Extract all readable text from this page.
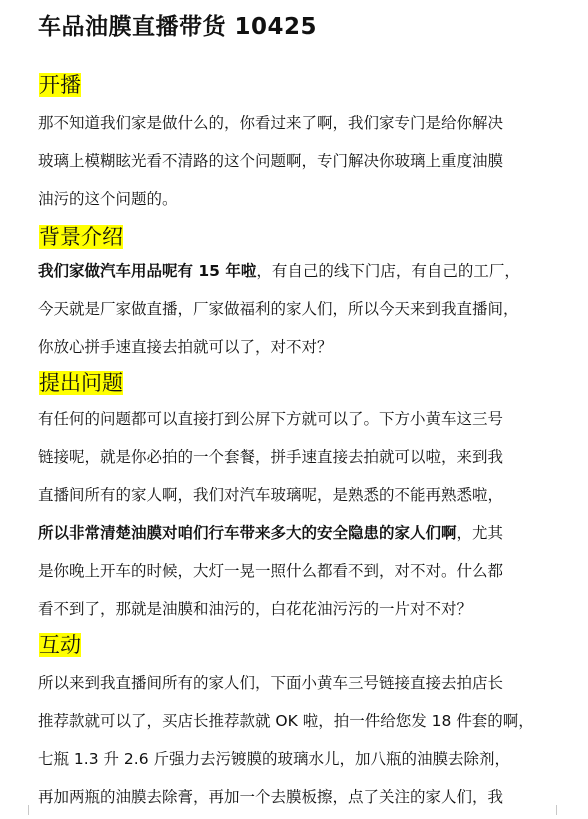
车品油膜直播带货 10425
开播
那不知道我们家是做什么的，你看过来了啊，我们家专门是给你解决
玻璃上模糊眩光看不清路的这个问题啊，专门解决你玻璃上重度油膜
油污的这个问题的。
背景介绍
我们家做汽车用品呢有 15 年啦，有自己的线下门店，有自己的工厂，
今天就是厂家做直播，厂家做福利的家人们，所以今天来到我直播间，
你放心拼手速直接去拍就可以了，对不对？
提出问题
有任何的问题都可以直接打到公屏下方就可以了。下方小黄车这三号
链接呢，就是你必拍的一个套餐，拼手速直接去拍就可以啦，来到我
直播间所有的家人啊，我们对汽车玻璃呢，是熟悉的不能再熟悉啦，
所以非常清楚油膜对咱们行车带来多大的安全隐患的家人们啊，尤其
是你晚上开车的时候，大灯一晃一照什么都看不到，对不对。什么都
看不到了，那就是油膜和油污的，白花花油污污的一片对不对？
互动
所以来到我直播间所有的家人们，下面小黄车三号链接直接去拍店长
推荐款就可以了，买店长推荐款就 OK 啦，拍一件给您发 18 件套的啊，
七瓶 1.3 升 2.6 斤强力去污镀膜的玻璃水儿，加八瓶的油膜去除剂，
再加两瓶的油膜去除膏，再加一个去膜板擦，点了关注的家人们，我
